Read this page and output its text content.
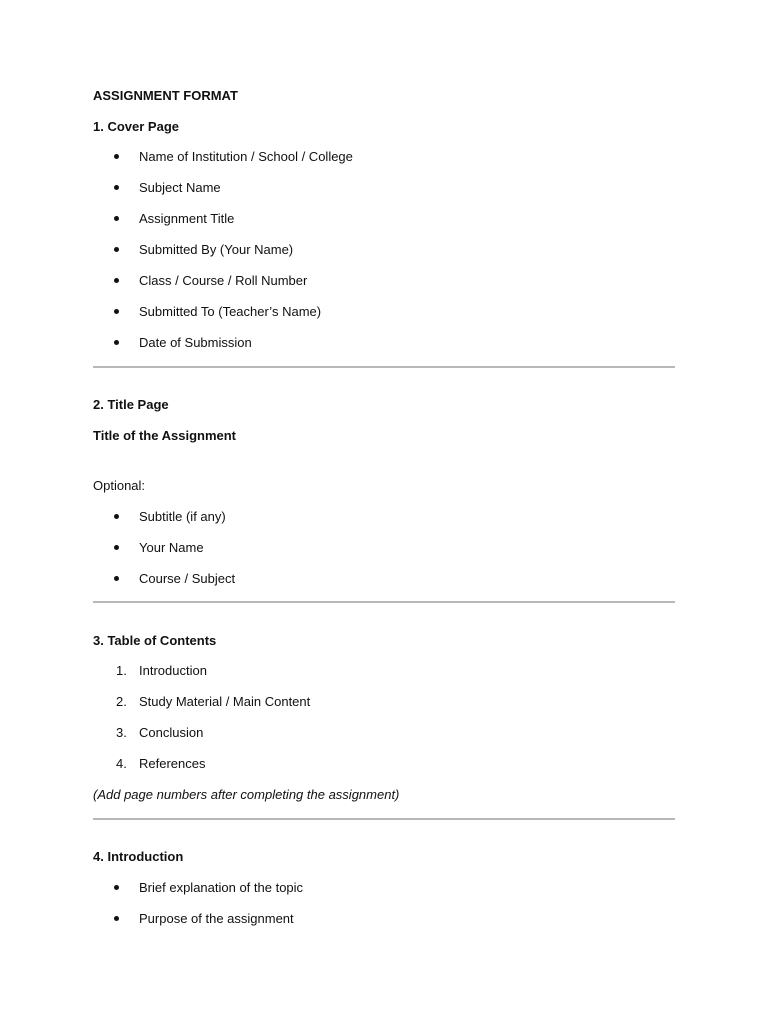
ASSIGNMENT FORMAT
1. Cover Page
Name of Institution / School / College
Subject Name
Assignment Title
Submitted By (Your Name)
Class / Course / Roll Number
Submitted To (Teacher’s Name)
Date of Submission
2. Title Page
Title of the Assignment
Optional:
Subtitle (if any)
Your Name
Course / Subject
3. Table of Contents
1. Introduction
2. Study Material / Main Content
3. Conclusion
4. References
(Add page numbers after completing the assignment)
4. Introduction
Brief explanation of the topic
Purpose of the assignment
